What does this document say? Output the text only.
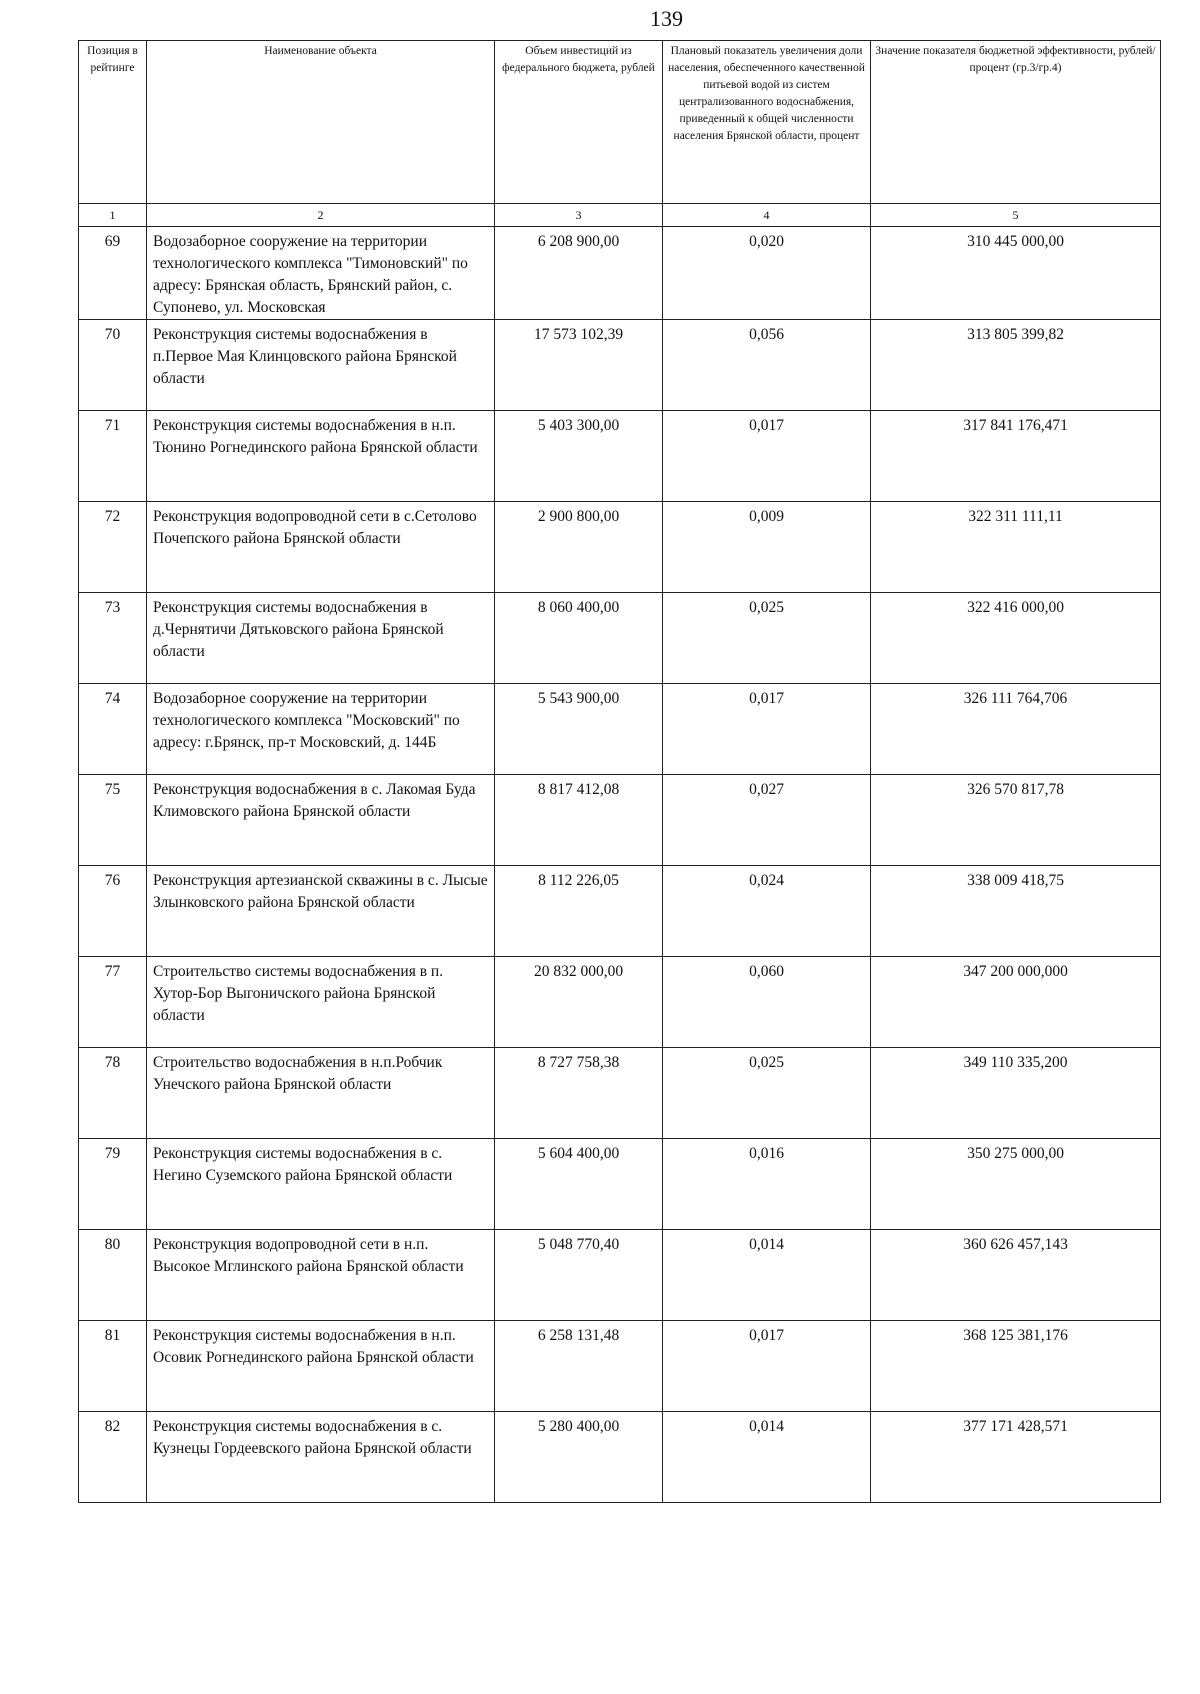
139
Позиция в рейтинге	Наименование объекта	Объем инвестиций из федерального бюджета, рублей	Плановый показатель увеличения доли населения, обеспеченного качественной питьевой водой из систем централизованного водоснабжения, приведенный к общей численности населения Брянской области, процент	Значение показателя бюджетной эффективности, рублей/процент (гр.3/гр.4)
1	2	3	4	5
69	Водозаборное сооружение на территории технологического комплекса "Тимоновский" по адресу: Брянская область, Брянский район, с. Супонево, ул. Московская	6 208 900,00	0,020	310 445 000,00
70	Реконструкция системы водоснабжения в п.Первое Мая Клинцовского района Брянской области	17 573 102,39	0,056	313 805 399,82
71	Реконструкция системы водоснабжения в н.п. Тюнино Рогнединского района Брянской области	5 403 300,00	0,017	317 841 176,471
72	Реконструкция водопроводной сети в с.Сетолово Почепского района Брянской области	2 900 800,00	0,009	322 311 111,11
73	Реконструкция системы водоснабжения в д.Чернятичи Дятьковского района Брянской области	8 060 400,00	0,025	322 416 000,00
74	Водозаборное сооружение на территории технологического комплекса "Московский" по адресу: г.Брянск, пр-т Московский, д. 144Б	5 543 900,00	0,017	326 111 764,706
75	Реконструкция водоснабжения в с. Лакомая Буда Климовского района Брянской области	8 817 412,08	0,027	326 570 817,78
76	Реконструкция артезианской скважины в с. Лысые Злынковского района Брянской области	8 112 226,05	0,024	338 009 418,75
77	Строительство системы водоснабжения в п. Хутор-Бор Выгоничского района Брянской области	20 832 000,00	0,060	347 200 000,000
78	Строительство водоснабжения в н.п.Робчик Унечского района Брянской области	8 727 758,38	0,025	349 110 335,200
79	Реконструкция системы водоснабжения в с. Негино Суземского района Брянской области	5 604 400,00	0,016	350 275 000,00
80	Реконструкция водопроводной сети в н.п. Высокое Мглинского района Брянской области	5 048 770,40	0,014	360 626 457,143
81	Реконструкция системы водоснабжения в н.п. Осовик Рогнединского района Брянской области	6 258 131,48	0,017	368 125 381,176
82	Реконструкция системы водоснабжения в с. Кузнецы Гордеевского района Брянской области	5 280 400,00	0,014	377 171 428,571
